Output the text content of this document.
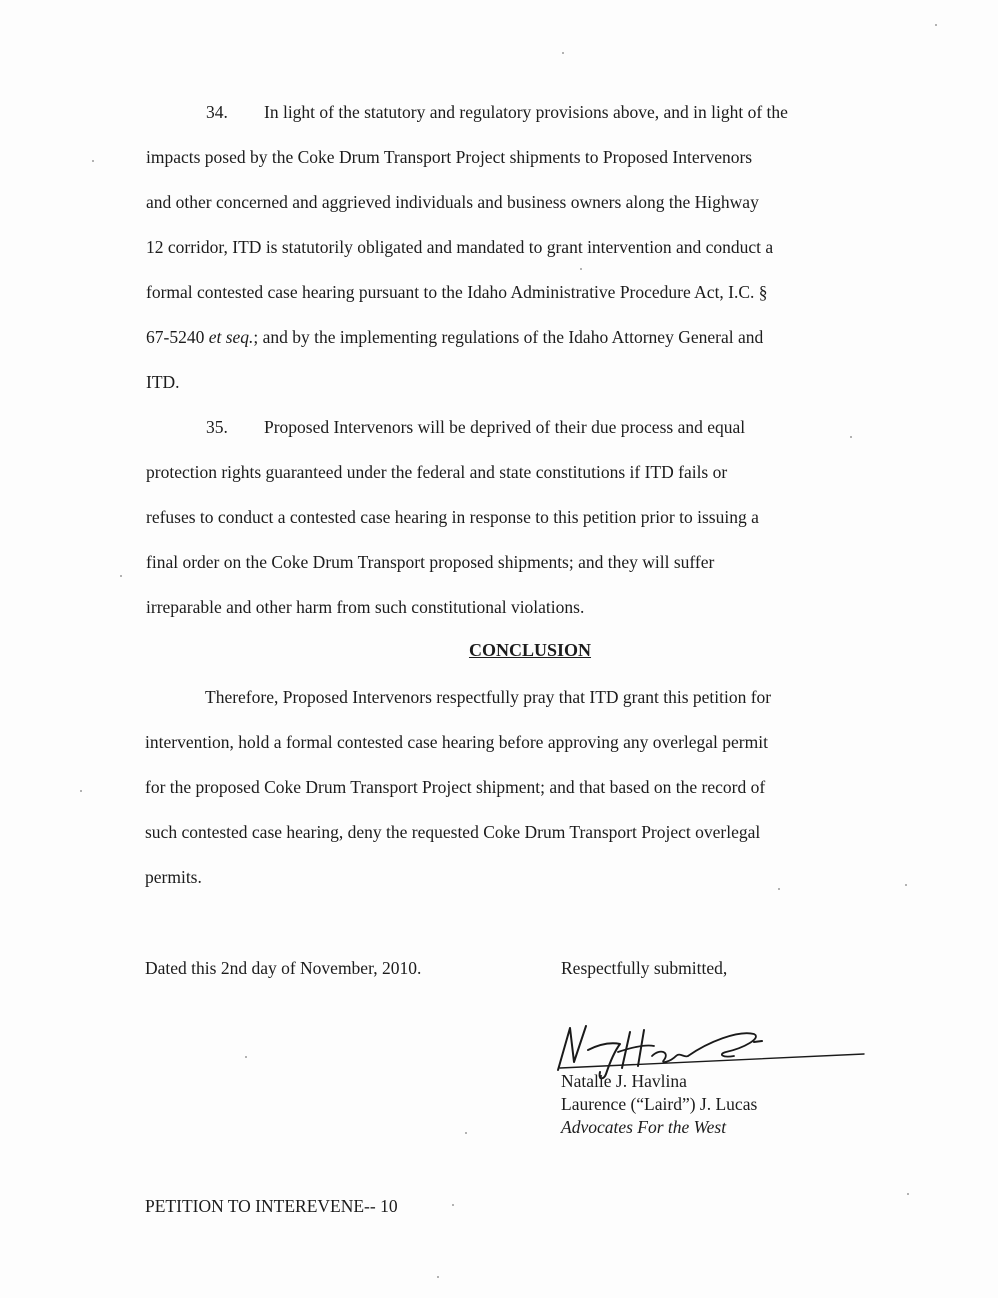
34. In light of the statutory and regulatory provisions above, and in light of the
impacts posed by the Coke Drum Transport Project shipments to Proposed Intervenors
and other concerned and aggrieved individuals and business owners along the Highway
12 corridor, ITD is statutorily obligated and mandated to grant intervention and conduct a
formal contested case hearing pursuant to the Idaho Administrative Procedure Act, I.C. §
67-5240 et seq.; and by the implementing regulations of the Idaho Attorney General and
ITD.
35. Proposed Intervenors will be deprived of their due process and equal
protection rights guaranteed under the federal and state constitutions if ITD fails or
refuses to conduct a contested case hearing in response to this petition prior to issuing a
final order on the Coke Drum Transport proposed shipments; and they will suffer
irreparable and other harm from such constitutional violations.
CONCLUSION
Therefore, Proposed Intervenors respectfully pray that ITD grant this petition for
intervention, hold a formal contested case hearing before approving any overlegal permit
for the proposed Coke Drum Transport Project shipment; and that based on the record of
such contested case hearing, deny the requested Coke Drum Transport Project overlegal
permits.
Dated this 2nd day of November, 2010.	Respectfully submitted,
Natalie J. Havlina
Laurence (“Laird”) J. Lucas
Advocates For the West
PETITION TO INTEREVENE-- 10
